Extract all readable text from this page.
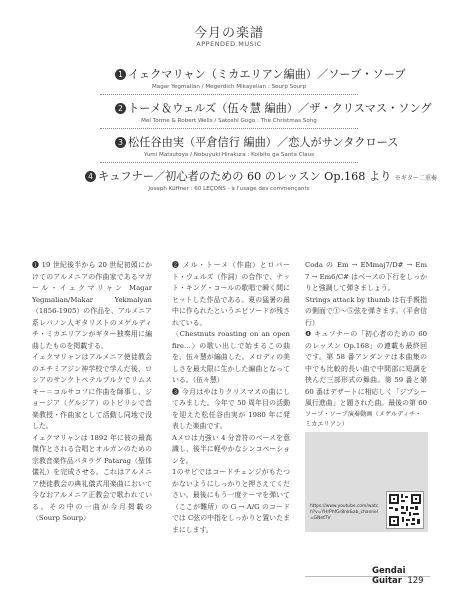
今月の楽譜
APPENDED MUSIC
1 イェクマリャン（ミカエリアン編曲）／ソーブ・ソーブ
Magar Yegmalian / Megerdich Mikayelian : Sourp Sourp
2 トーメ＆ウェルズ（伍々慧 編曲）／ザ・クリスマス・ソング
Mel Torme & Robert Wells / Satoshi Gogo : The Christmas Song
3 松任谷由実（平倉信行 編曲）／恋人がサンタクロース
Yumi Matsutoya / Nobuyuki Hirakura : Koibito ga Santa Claus
4 キュフナー／初心者のための 60 のレッスン Op.168 より ※ギター二重奏
Joseph Küffner : 60 LEÇONS - à l'usage des commençants

❶ 19 世紀後半から 20 世紀初頭にかけてのアルメニアの作曲家であるマガール・イェクマリャン Magar Yegmalian/Makar Yekmalyan（1856-1905）の作品を、アルメニア系レバノン人ギタリストのメゲルディチ・ミカエリアンがギター独奏用に編曲したものを掲載する。
イェクマリャンはアルメニア使徒教会のエチミアジン神学校で学んだ後、ロシアのサンクトペテルブルクでリムスキー＝コルサコフに作曲を師事し、ジョージア（グルジア）のトビリシで音楽教授・作曲家として活動し同地で没した。
イェクマリャンは 1892 年に彼の最高傑作とされる合唱とオルガンのための宗教音楽作品パタラグ Patarag（聖体儀礼）を完成させる。これはアルメニア使徒教会の典礼儀式用楽曲において今なおアルメニア正教会で歌われている。その中の一曲が今月掲載の〈Sourp Sourp〉

❷ メル・トーメ（作曲）とロバート・ウェルズ（作詞）の合作で、ナット・キング・コールの歌唱で瞬く間にヒットした作品である。夏の猛暑の最中に作られたというエピソードが残されている。
〈Chestnuts roasting on an open fire…〉の歌い出しで始まるこの曲を、伍々慧が編曲した。メロディの美しさを最大限に生かした編曲となっている。（伍々慧）
❸ 今月はやはりクリスマスの曲にしてみました。今年で 50 周年目の活動を迎えた松任谷由実が 1980 年に発表した楽曲です。
Aメロは力強い 4 分音符のベースを意識し、後半に軽やかなシンコペーションを。
1のサビではコードチェンジがもたつかないようにしっかりと押さえてください。最後にもう一度テーマを弾いて（ここが難所）の G → A/G のコードでは C弦の中指をしっかりと置いたままにします。

Coda の Em → EMmaj7/D# → Em 7 → Em6/C# はベースの下行をしっかりと強調して弾きましょう。
Strings attack by thumb は右手親指の側面で①〜⑤弦を弾きます。（平倉信行）
❹ キュフナーの「初心者のための 60 のレッスン Op.168」の連載も最終回です。第 58 番アンダンテは本曲集の中でも比較的長い曲で中間部に短調を挟んだ三部形式の舞曲。第 59 番と第 60 番はデザートに相応しく「ジプシー風行進曲」と題された曲。最後の第 60

ソーブ・ソーブ演奏動画（メゲルディチ・ミカエリアン）
https://www.youtube.com/watch?v=YHrPhfGr8nk&ab_channel=GNetTV
Gendai Guitar 129
